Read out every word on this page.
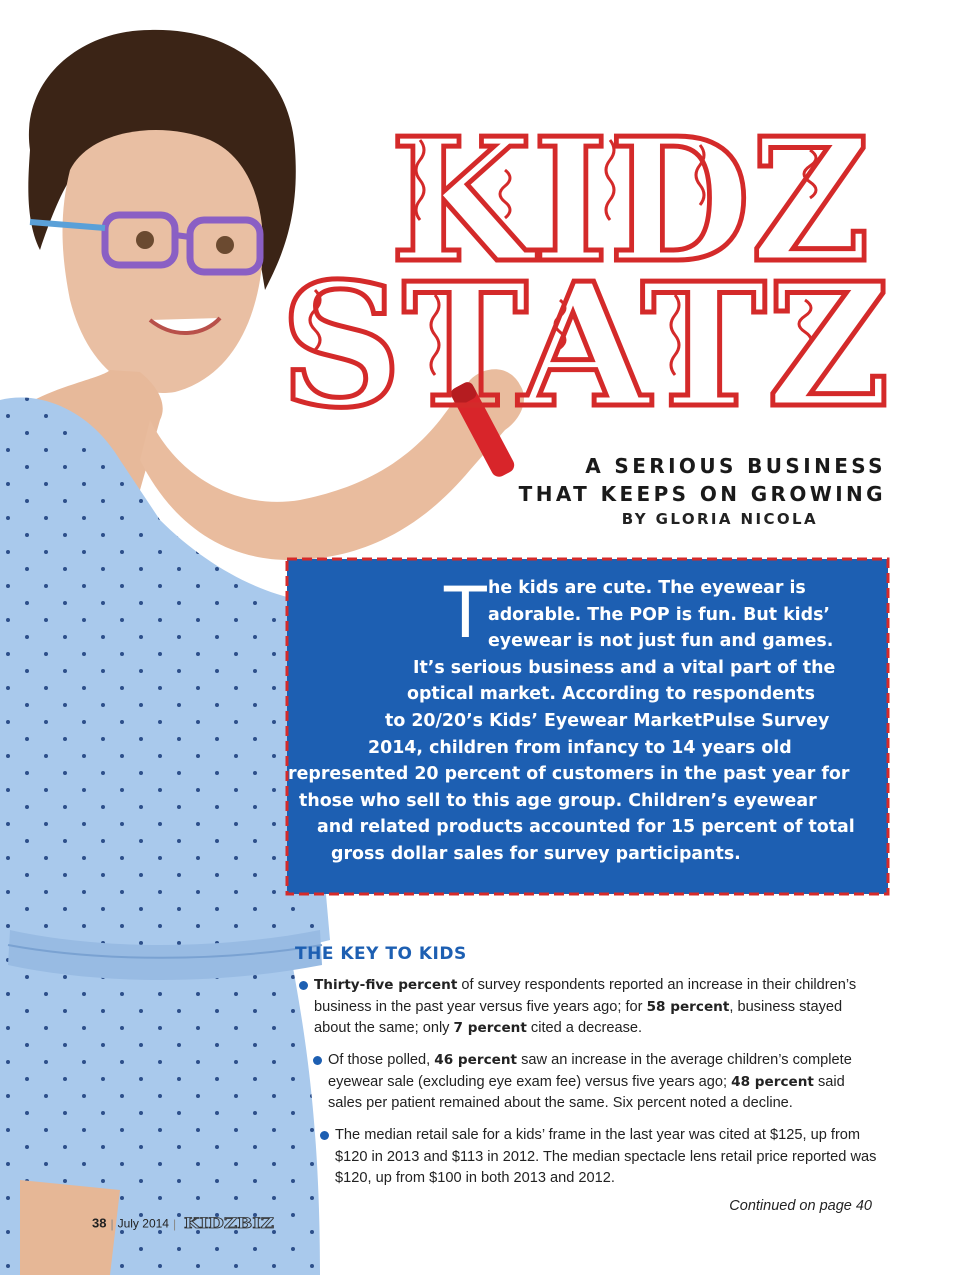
KIDZ
STATZ
A SERIOUS BUSINESS
THAT KEEPS ON GROWING
BY GLORIA NICOLA
T he kids are cute. The eyewear is
adorable. The POP is fun. But kids’
eyewear is not just fun and games.
It’s serious business and a vital part of the
optical market. According to respondents
to 20/20’s Kids’ Eyewear MarketPulse Survey
2014, children from infancy to 14 years old
represented 20 percent of customers in the past year for
those who sell to this age group. Children’s eyewear
and related products accounted for 15 percent of total
gross dollar sales for survey participants.
THE KEY TO KIDS
Thirty-five percent of survey respondents reported an increase in their children’s
business in the past year versus five years ago; for 58 percent, business stayed
about the same; only 7 percent cited a decrease.
Of those polled, 46 percent saw an increase in the average children’s complete
eyewear sale (excluding eye exam fee) versus five years ago; 48 percent said
sales per patient remained about the same. Six percent noted a decline.
The median retail sale for a kids’ frame in the last year was cited at $125, up from
$120 in 2013 and $113 in 2012. The median spectacle lens retail price reported was
$120, up from $100 in both 2013 and 2012.
Continued on page 40
38 | July 2014 | KIDZBIZ
